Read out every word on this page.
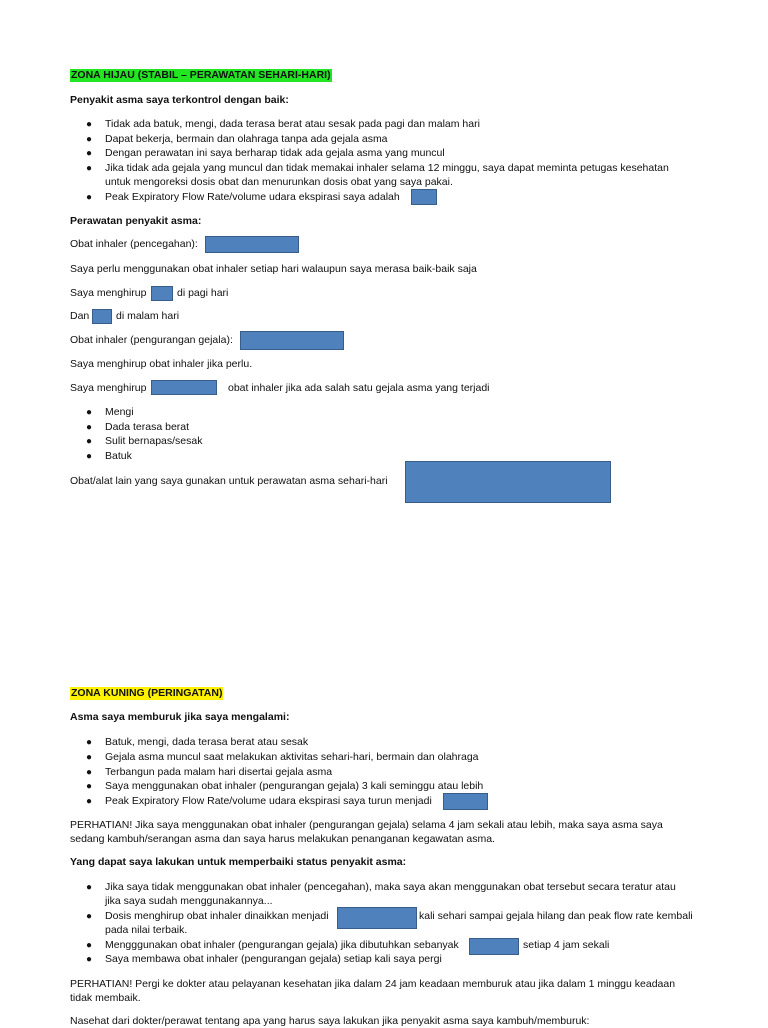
ZONA HIJAU (STABIL – PERAWATAN SEHARI-HARI)
Penyakit asma saya terkontrol dengan baik:
● Tidak ada batuk, mengi, dada terasa berat atau sesak pada pagi dan malam hari
● Dapat bekerja, bermain dan olahraga tanpa ada gejala asma
● Dengan perawatan ini saya berharap tidak ada gejala asma yang muncul
● Jika tidak ada gejala yang muncul dan tidak memakai inhaler selama 12 minggu, saya dapat meminta petugas kesehatan
untuk mengoreksi dosis obat dan menurunkan dosis obat yang saya pakai.
● Peak Expiratory Flow Rate/volume udara ekspirasi saya adalah
Perawatan penyakit asma:
Obat inhaler (pencegahan):
Saya perlu menggunakan obat inhaler setiap hari walaupun saya merasa baik-baik saja
Saya menghirup	di pagi hari
Dan	di malam hari
Obat inhaler (pengurangan gejala):
Saya menghirup obat inhaler jika perlu.
Saya menghirup	obat inhaler jika ada salah satu gejala asma yang terjadi
● Mengi
● Dada terasa berat
● Sulit bernapas/sesak
● Batuk
Obat/alat lain yang saya gunakan untuk perawatan asma sehari-hari
ZONA KUNING (PERINGATAN)
Asma saya memburuk jika saya mengalami:
● Batuk, mengi, dada terasa berat atau sesak
● Gejala asma muncul saat melakukan aktivitas sehari-hari, bermain dan olahraga
● Terbangun pada malam hari disertai gejala asma
● Saya menggunakan obat inhaler (pengurangan gejala) 3 kali seminggu atau lebih
● Peak Expiratory Flow Rate/volume udara ekspirasi saya turun menjadi
PERHATIAN! Jika saya menggunakan obat inhaler (pengurangan gejala) selama 4 jam sekali atau lebih, maka saya asma saya
sedang kambuh/serangan asma dan saya harus melakukan penanganan kegawatan asma.
Yang dapat saya lakukan untuk memperbaiki status penyakit asma:
● Jika saya tidak menggunakan obat inhaler (pencegahan), maka saya akan menggunakan obat tersebut secara teratur atau
jika saya sudah menggunakannya...
● Dosis menghirup obat inhaler dinaikkan menjadi	kali sehari sampai gejala hilang dan peak flow rate kembali
pada nilai terbaik.
● Mengggunakan obat inhaler (pengurangan gejala) jika dibutuhkan sebanyak	setiap 4 jam sekali
● Saya membawa obat inhaler (pengurangan gejala) setiap kali saya pergi
PERHATIAN! Pergi ke dokter atau pelayanan kesehatan jika dalam 24 jam keadaan memburuk atau jika dalam 1 minggu keadaan
tidak membaik.
Nasehat dari dokter/perawat tentang apa yang harus saya lakukan jika penyakit asma saya kambuh/memburuk:
